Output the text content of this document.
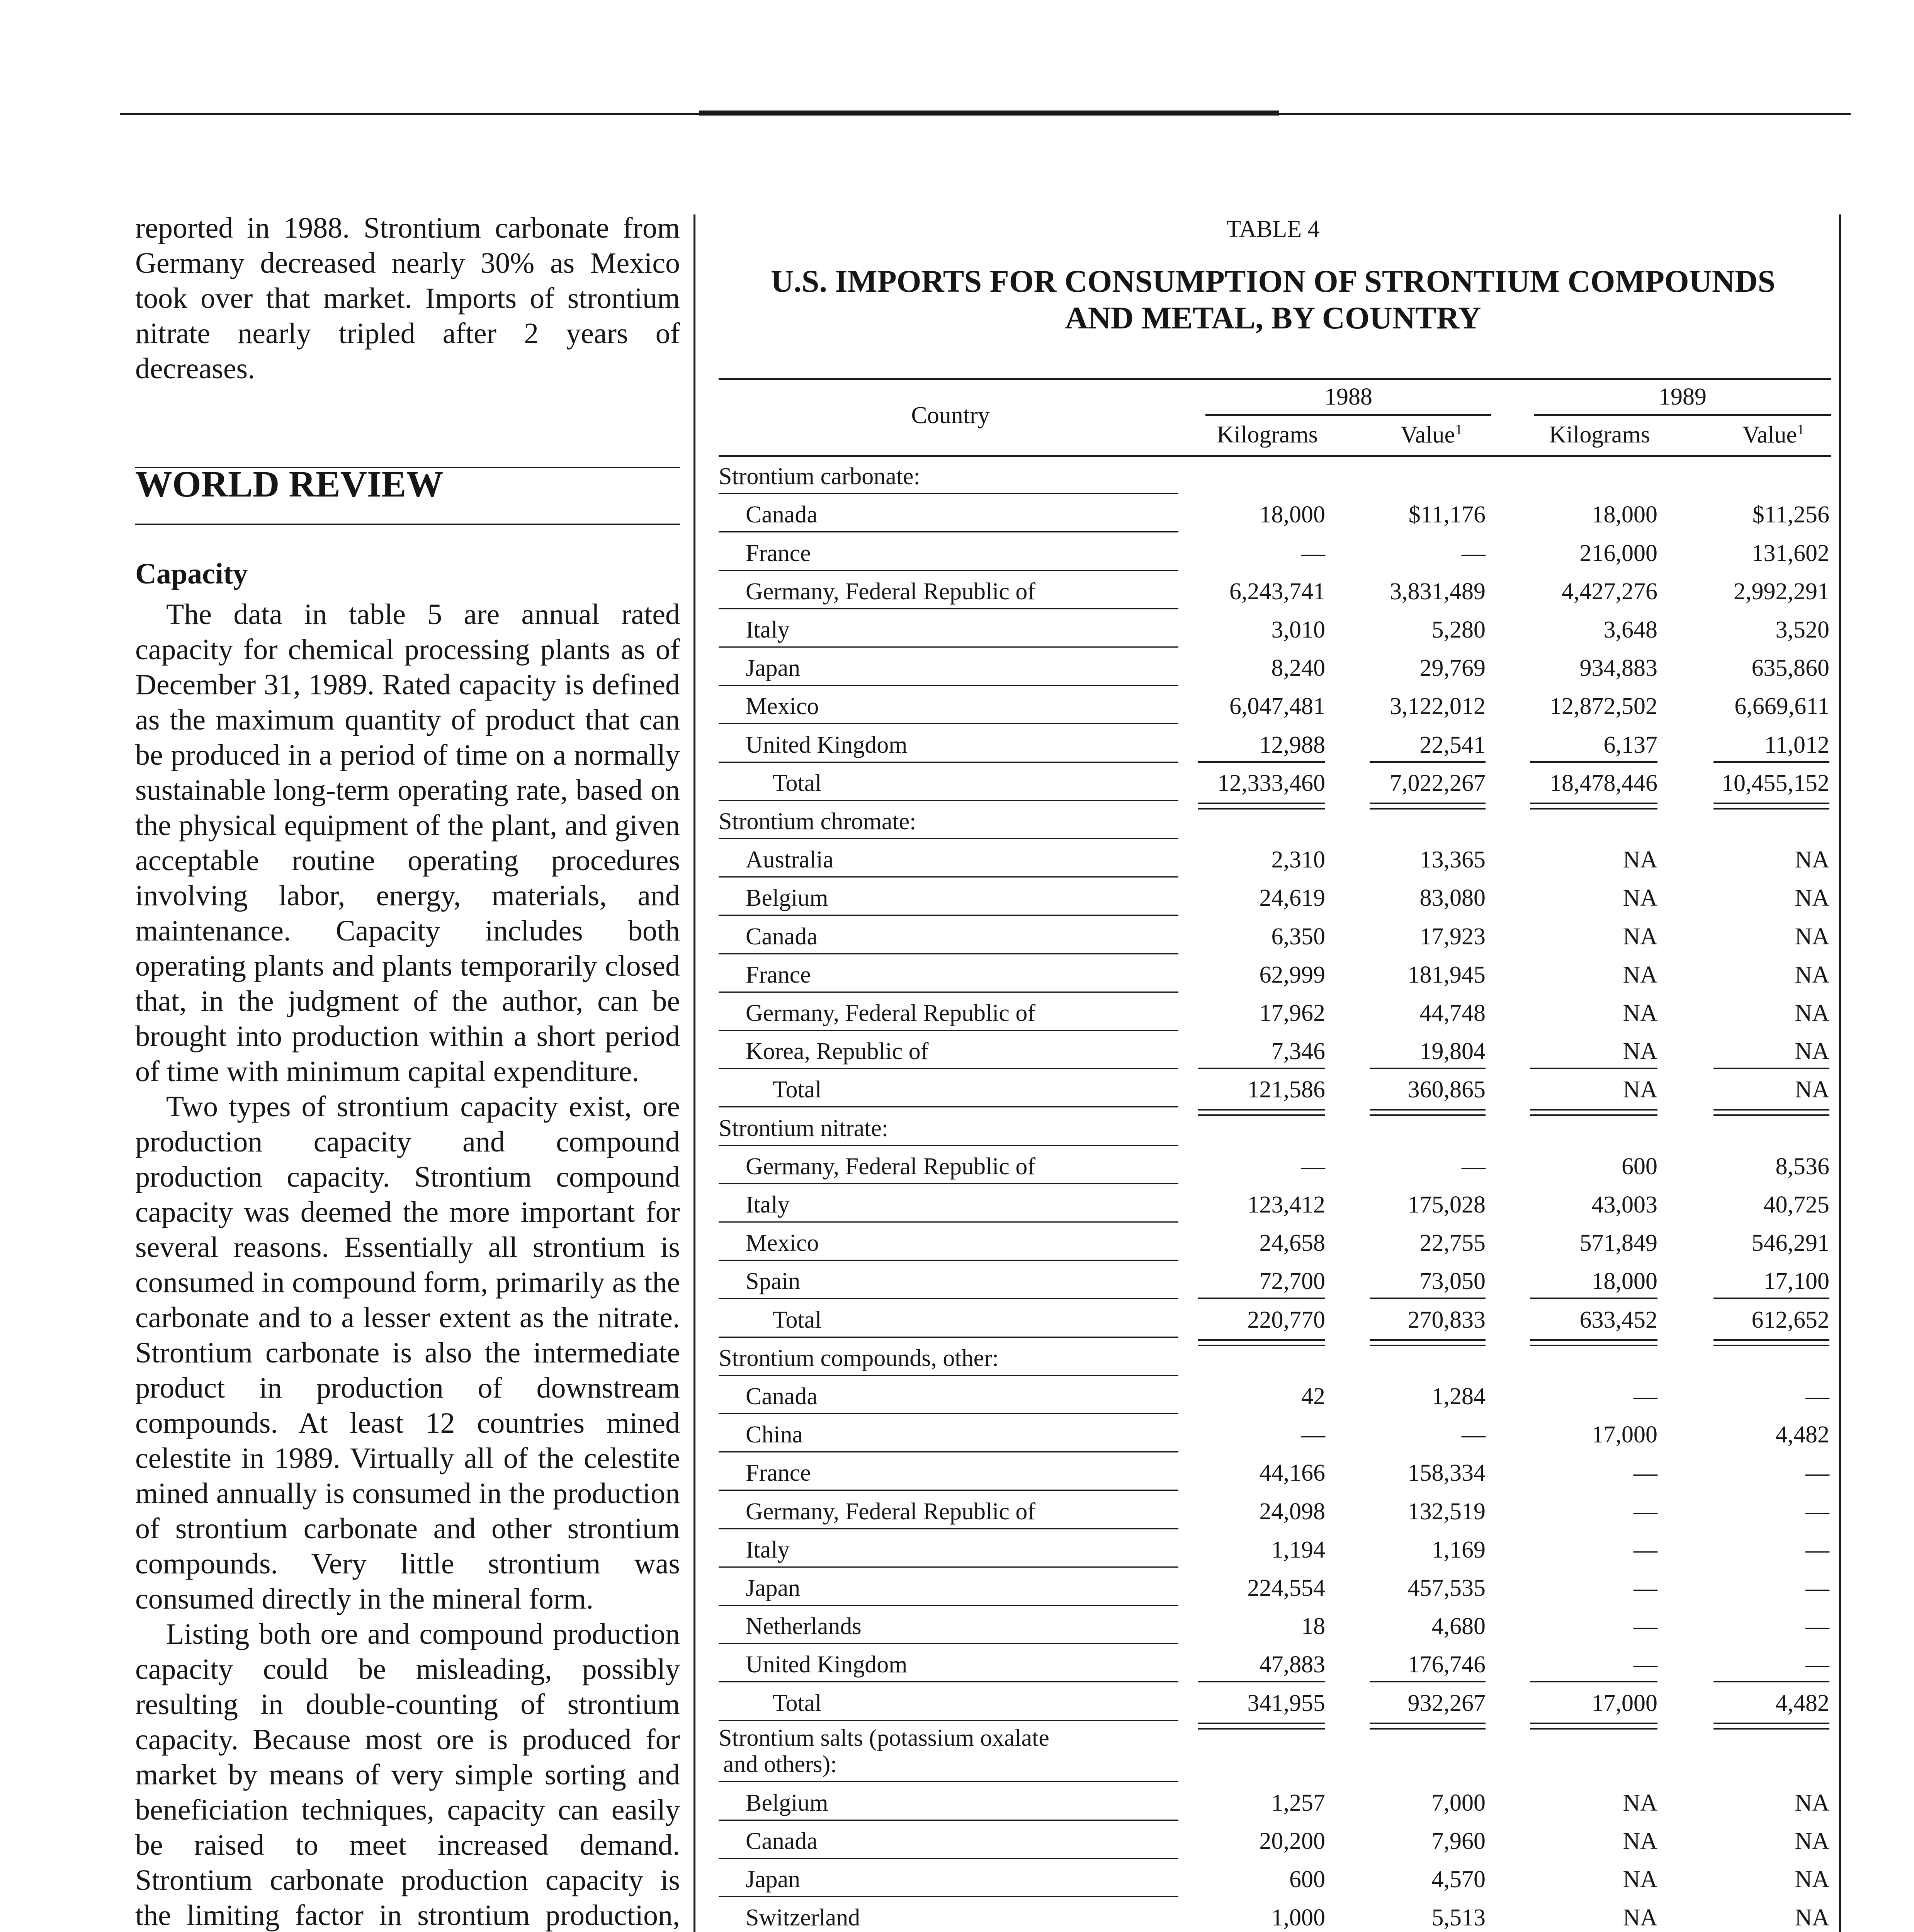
reported in 1988. Strontium carbonate from Germany decreased nearly 30% as Mexico took over that market. Imports of strontium nitrate nearly tripled after 2 years of decreases.

WORLD REVIEW
Capacity

The data in table 5 are annual rated capacity for chemical processing plants as of December 31, 1989. Rated capacity is defined as the maximum quantity of product that can be produced in a period of time on a normally sustainable long-term operating rate, based on the physical equipment of the plant, and given acceptable routine operating procedures involving labor, energy, materials, and maintenance. Capacity includes both operating plants and plants temporarily closed that, in the judgment of the author, can be brought into production within a short period of time with minimum capital expenditure.

Two types of strontium capacity exist, ore production capacity and compound production capacity. Strontium compound capacity was deemed the more important for several reasons. Essentially all strontium is consumed in compound form, primarily as the carbonate and to a lesser extent as the nitrate. Strontium carbonate is also the intermediate product in production of downstream compounds. At least 12 countries mined celestite in 1989. Virtually all of the celestite mined annually is consumed in the production of strontium carbonate and other strontium compounds. Very little strontium was consumed directly in the mineral form.

Listing both ore and compound production capacity could be misleading, possibly resulting in double-counting of strontium capacity. Because most ore is produced for market by means of very simple sorting and beneficiation techniques, capacity can easily be raised to meet increased demand. Strontium carbonate production capacity is the limiting factor in strontium production,

TABLE 4
U.S. IMPORTS FOR CONSUMPTION OF STRONTIUM COMPOUNDS
AND METAL, BY COUNTRY
Country
1988	1989
Kilograms	Value$^1$	Kilograms	Value$^1$
Strontium carbonate:
Canada	18,000	$11,176	18,000	$11,256
France	—	—	216,000	131,602
Germany, Federal Republic of	6,243,741	3,831,489	4,427,276	2,992,291
Italy	3,010	5,280	3,648	3,520
Japan	8,240	29,769	934,883	635,860
Mexico	6,047,481	3,122,012	12,872,502	6,669,611
United Kingdom	12,988	22,541	6,137	11,012
Total	12,333,460	7,022,267	18,478,446	10,455,152
Strontium chromate:
Australia	2,310	13,365	NA	NA
Belgium	24,619	83,080	NA	NA
Canada	6,350	17,923	NA	NA
France	62,999	181,945	NA	NA
Germany, Federal Republic of	17,962	44,748	NA	NA
Korea, Republic of	7,346	19,804	NA	NA
Total	121,586	360,865	NA	NA
Strontium nitrate:
Germany, Federal Republic of	—	—	600	8,536
Italy	123,412	175,028	43,003	40,725
Mexico	24,658	22,755	571,849	546,291
Spain	72,700	73,050	18,000	17,100
Total	220,770	270,833	633,452	612,652
Strontium compounds, other:
Canada	42	1,284	—	—
China	—	—	17,000	4,482
France	44,166	158,334	—	—
Germany, Federal Republic of	24,098	132,519	—	—
Italy	1,194	1,169	—	—
Japan	224,554	457,535	—	—
Netherlands	18	4,680	—	—
United Kingdom	47,883	176,746	—	—
Total	341,955	932,267	17,000	4,482
Strontium salts (potassium oxalate
and others):
Belgium	1,257	7,000	NA	NA
Canada	20,200	7,960	NA	NA
Japan	600	4,570	NA	NA
Switzerland	1,000	5,513	NA	NA
